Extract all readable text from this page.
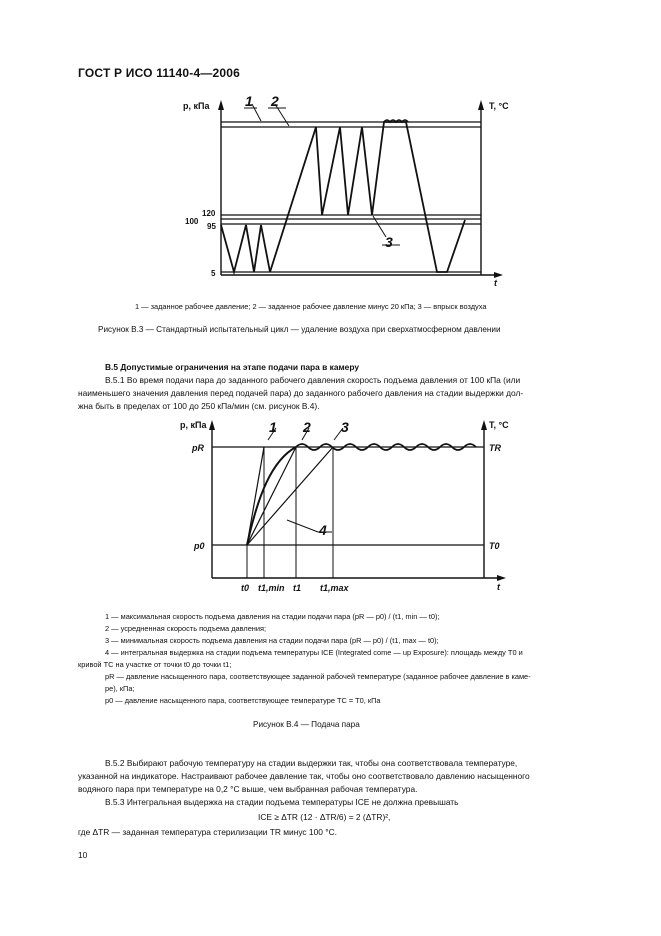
ГОСТ Р ИСО 11140-4—2006
p, кПа	T, °C
t
1 2
3
120
100
95
5
1 — заданное рабочее давление; 2 — заданное рабочее давление минус 20 кПа; 3 — впрыск воздуха
Рисунок В.3 — Стандартный испытательный цикл — удаление воздуха при сверхатмосферном давлении
В.5 Допустимые ограничения на этапе подачи пара в камеру
В.5.1 Во время подачи пара до заданного рабочего давления скорость подъема давления от 100 кПа (или
наименьшего значения давления перед подачей пара) до заданного рабочего давления на стадии выдержки дол-
жна быть в пределах от 100 до 250 кПа/мин (см. рисунок В.4).
p, кПа	T, °C
t
pR
p0
TR
T0
t0 t1,min t1 t1,max
1 2 3
4
1 — максимальная скорость подъема давления на стадии подачи пара (pR — p0) / (t1, min — t0);
2 — усредненная скорость подъема давления;
3 — минимальная скорость подъема давления на стадии подачи пара (pR — p0) / (t1, max — t0);
4 — интегральная выдержка на стадии подъема температуры ICE (Integrated come — up Exposure): площадь между T0 и
кривой TC на участке от точки t0 до точки t1;
pR — давление насыщенного пара, соответствующее заданной рабочей температуре (заданное рабочее давление в каме-
ре), кПа;
p0 — давление насыщенного пара, соответствующее температуре TC = T0, кПа
Рисунок В.4 — Подача пара
В.5.2 Выбирают рабочую температуру на стадии выдержки так, чтобы она соответствовала температуре,
указанной на индикаторе. Настраивают рабочее давление так, чтобы оно соответствовало давлению насыщенного
водяного пара при температуре на 0,2 °С выше, чем выбранная рабочая температура.
В.5.3 Интегральная выдержка на стадии подъема температуры ICE не должна превышать
ICE ≥ ΔTR (12 · ΔTR/6) = 2 (ΔTR)²,
где ΔTR — заданная температура стерилизации TR минус 100 °С.
10
